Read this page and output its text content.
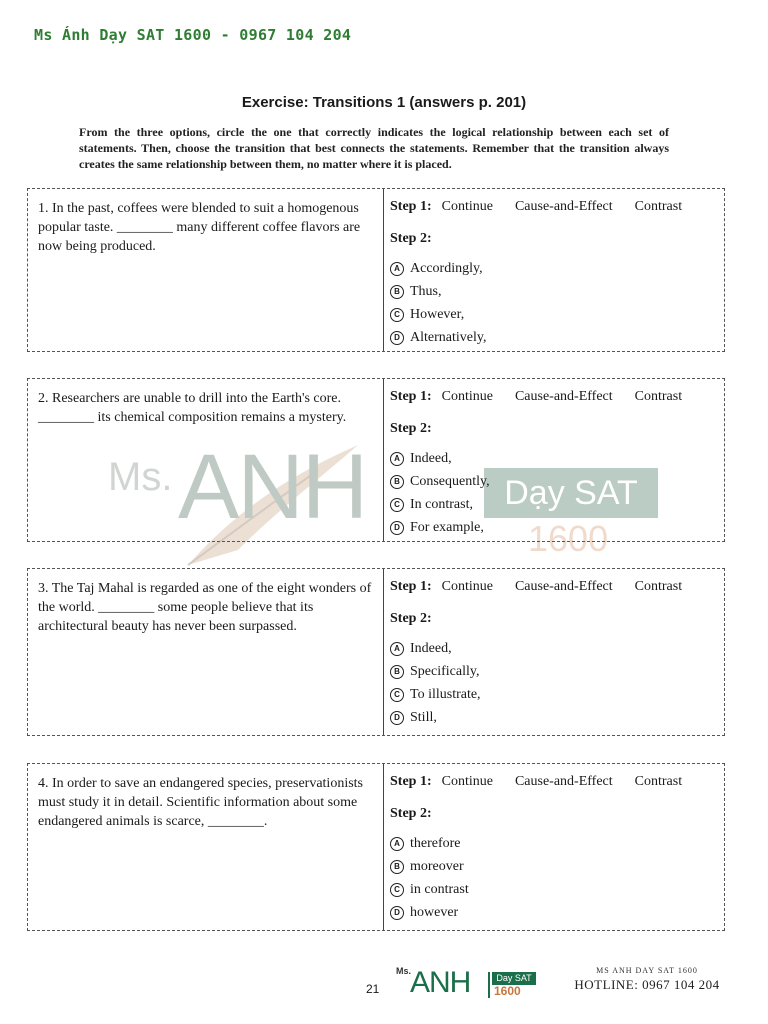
Ms Ánh Dạy SAT 1600 - 0967 104 204
Exercise: Transitions 1 (answers p. 201)
From the three options, circle the one that correctly indicates the logical relationship between each set of statements. Then, choose the transition that best connects the statements. Remember that the transition always creates the same relationship between them, no matter where it is placed.
Ms. ANH	Dạy SAT
1600
1. In the past, coffees were blended to suit a homogenous popular taste. ________ many different coffee flavors are now being produced.
Step 1: Continue Cause-and-Effect Contrast
Step 2:
A Accordingly,
B Thus,
C However,
D Alternatively,
2. Researchers are unable to drill into the Earth's core. ________ its chemical composition remains a mystery.
Step 1: Continue Cause-and-Effect Contrast
Step 2:
A Indeed,
B Consequently,
C In contrast,
D For example,
3. The Taj Mahal is regarded as one of the eight wonders of the world. ________ some people believe that its architectural beauty has never been surpassed.
Step 1: Continue Cause-and-Effect Contrast
Step 2:
A Indeed,
B Specifically,
C To illustrate,
D Still,
4. In order to save an endangered species, preservationists must study it in detail. Scientific information about some endangered animals is scarce, ________.
Step 1: Continue Cause-and-Effect Contrast
Step 2:
A therefore
B moreover
C in contrast
D however
21
Ms.
ANH	Day SAT
1600
MS ANH DAY SAT 1600
HOTLINE: 0967 104 204
